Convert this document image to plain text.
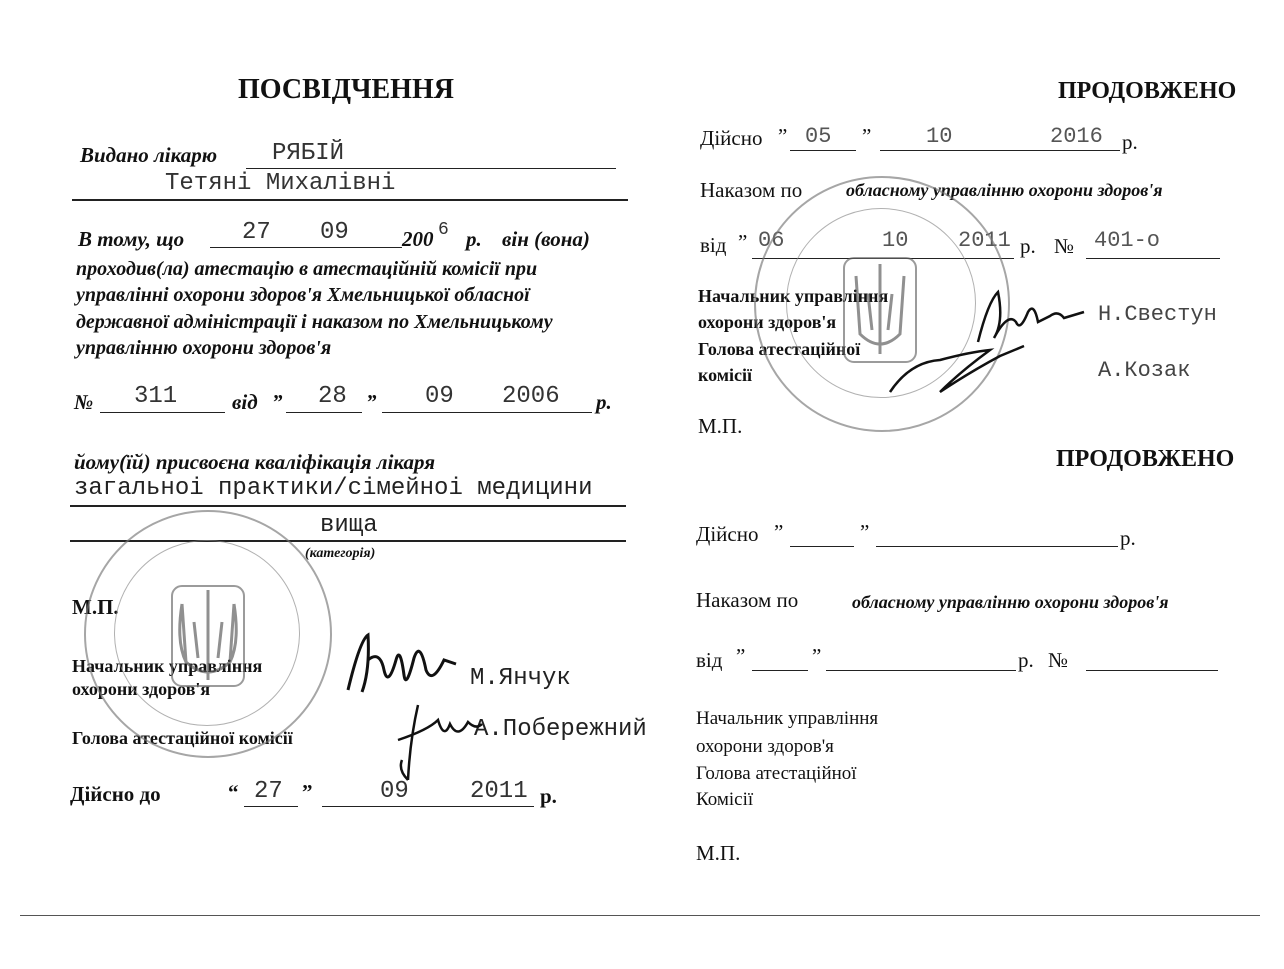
ПОСВІДЧЕННЯ
Видано лікарю РЯБІЙ
Тетяні Михалівні
В тому, що 27 09	200 6 р. він (вона)
проходив(ла) атестацію в атестаційній комісії при
управлінні охорони здоров'я Хмельницької обласної
державної адміністрації і наказом по Хмельницькому
управлінню охорони здоров'я
№ 311	від ” 28 ” 09 2006 р.
йому(їй) присвоєна кваліфікація лікаря
загальноі практики/сімейноі медицини
вища
(категорія)
М.П.
Начальник управління
охорони здоров'я	М.Янчук
Голова атестаційної комісії	А.Побережний
Дійсно до	“ 27 ”	09	2011 р.
ПРОДОВЖЕНО
Дійсно ” 05 ” 10	2016 р.
Наказом по обласному управлінню охорони здоров'я
від ” 06	10 2011 р. № 401-о
Начальник управління
охорони здоров'я
Голова атестаційної
комісії
Н.Свестун
А.Козак
М.П.
ПРОДОВЖЕНО
Дійсно ”	”	р.
Наказом по	обласному управлінню охорони здоров'я
від ”	”	р. №
Начальник управління
охорони здоров'я
Голова атестаційної
Комісії
М.П.
